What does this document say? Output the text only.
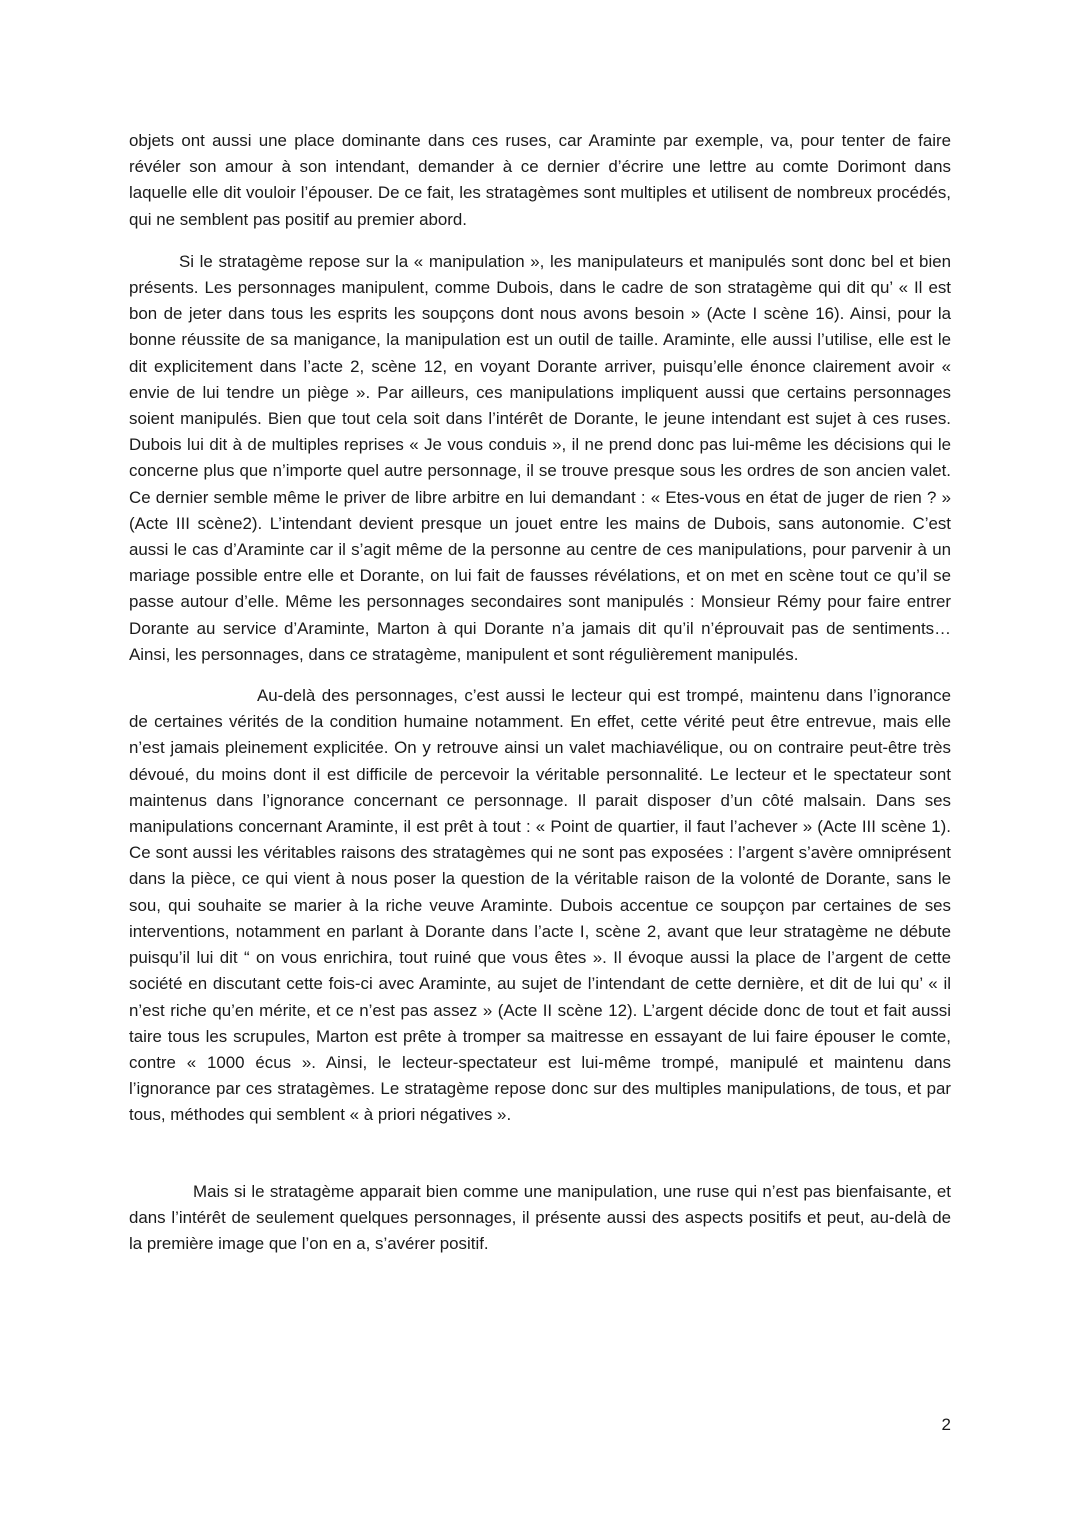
objets ont aussi une place dominante dans ces ruses, car Araminte par exemple, va, pour tenter de faire révéler son amour à son intendant, demander à ce dernier d’écrire une lettre au comte Dorimont dans laquelle elle dit vouloir l’épouser. De ce fait, les stratagèmes sont multiples et utilisent de nombreux procédés, qui ne semblent pas positif au premier abord.

Si le stratagème repose sur la « manipulation », les manipulateurs et manipulés sont donc bel et bien présents. Les personnages manipulent, comme Dubois, dans le cadre de son stratagème qui dit qu’ « Il est bon de jeter dans tous les esprits les soupçons dont nous avons besoin » (Acte I scène 16). Ainsi, pour la bonne réussite de sa manigance, la manipulation est un outil de taille. Araminte, elle aussi l’utilise, elle est le dit explicitement dans l’acte 2, scène 12, en voyant Dorante arriver, puisqu’elle énonce clairement avoir « envie de lui tendre un piège ». Par ailleurs, ces manipulations impliquent aussi que certains personnages soient manipulés. Bien que tout cela soit dans l’intérêt de Dorante, le jeune intendant est sujet à ces ruses. Dubois lui dit à de multiples reprises « Je vous conduis », il ne prend donc pas lui-même les décisions qui le concerne plus que n’importe quel autre personnage, il se trouve presque sous les ordres de son ancien valet. Ce dernier semble même le priver de libre arbitre en lui demandant : « Etes-vous en état de juger de rien ? » (Acte III scène2). L’intendant devient presque un jouet entre les mains de Dubois, sans autonomie. C’est aussi le cas d’Araminte car il s’agit même de la personne au centre de ces manipulations, pour parvenir à un mariage possible entre elle et Dorante, on lui fait de fausses révélations, et on met en scène tout ce qu’il se passe autour d’elle. Même les personnages secondaires sont manipulés : Monsieur Rémy pour faire entrer Dorante au service d’Araminte, Marton à qui Dorante n’a jamais dit qu’il n’éprouvait pas de sentiments… Ainsi, les personnages, dans ce stratagème, manipulent et sont régulièrement manipulés.

Au-delà des personnages, c’est aussi le lecteur qui est trompé, maintenu dans l’ignorance de certaines vérités de la condition humaine notamment. En effet, cette vérité peut être entrevue, mais elle n’est jamais pleinement explicitée. On y retrouve ainsi un valet machiavélique, ou on contraire peut-être très dévoué, du moins dont il est difficile de percevoir la véritable personnalité. Le lecteur et le spectateur sont maintenus dans l’ignorance concernant ce personnage. Il parait disposer d’un côté malsain. Dans ses manipulations concernant Araminte, il est prêt à tout : « Point de quartier, il faut l’achever » (Acte III scène 1). Ce sont aussi les véritables raisons des stratagèmes qui ne sont pas exposées : l’argent s’avère omniprésent dans la pièce, ce qui vient à nous poser la question de la véritable raison de la volonté de Dorante, sans le sou, qui souhaite se marier à la riche veuve Araminte. Dubois accentue ce soupçon par certaines de ses interventions, notamment en parlant à Dorante dans l’acte I, scène 2, avant que leur stratagème ne débute puisqu’il lui dit “ on vous enrichira, tout ruiné que vous êtes ». Il évoque aussi la place de l’argent de cette société en discutant cette fois-ci avec Araminte, au sujet de l’intendant de cette dernière, et dit de lui qu’ « il n’est riche qu’en mérite, et ce n’est pas assez » (Acte II scène 12). L’argent décide donc de tout et fait aussi taire tous les scrupules, Marton est prête à tromper sa maitresse en essayant de lui faire épouser le comte, contre « 1000 écus ». Ainsi, le lecteur-spectateur est lui-même trompé, manipulé et maintenu dans l’ignorance par ces stratagèmes. Le stratagème repose donc sur des multiples manipulations, de tous, et par tous, méthodes qui semblent « à priori négatives ».

Mais si le stratagème apparait bien comme une manipulation, une ruse qui n’est pas bienfaisante, et dans l’intérêt de seulement quelques personnages, il présente aussi des aspects positifs et peut, au-delà de la première image que l’on en a, s’avérer positif.

2
